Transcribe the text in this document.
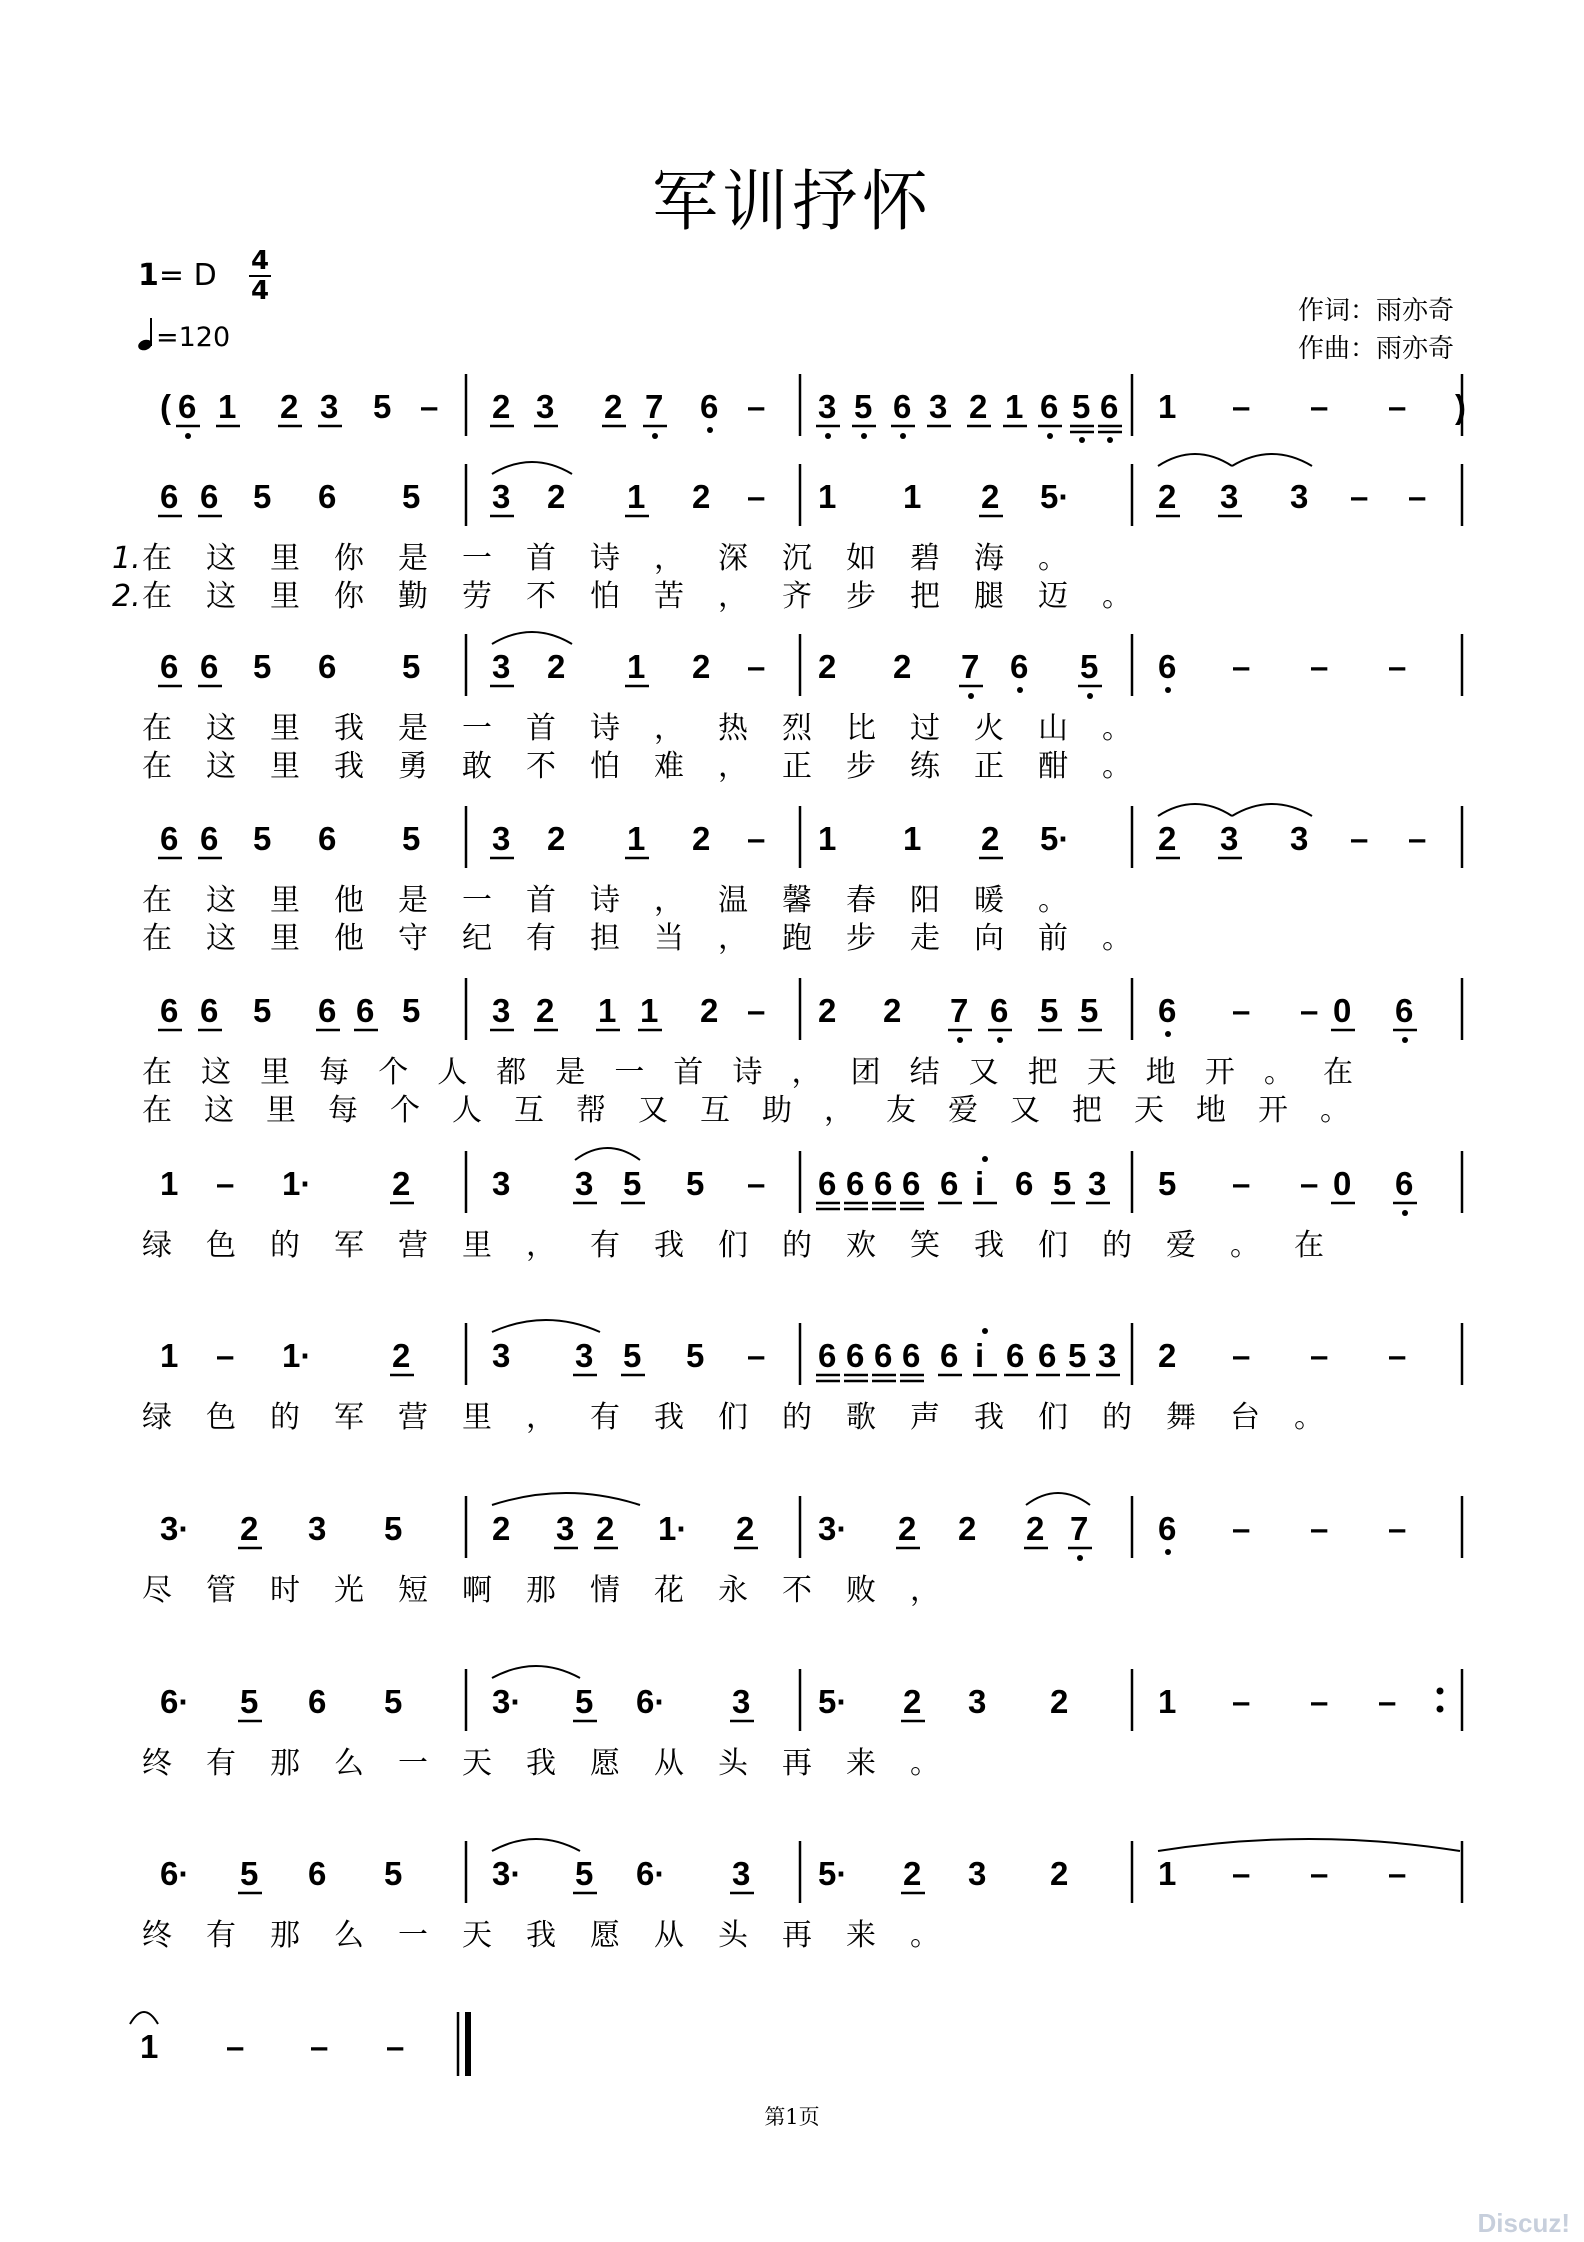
军训抒怀
1= D 4
4
=120
作词：雨亦奇
作曲：雨亦奇
( 6 1 2 3 5 – 2 3 2 7 6 – 3 5 6 3 2 1 6 5 6 1 – – – )
6 6 5 6 5 3 2 1 2 – 1 1 2 5·	2 3 3 – –
1. 在 这 里 你 是 一 首 诗 ， 深 沉 如 碧 海 。
2. 在 这 里 你 勤 劳 不 怕 苦 ， 齐 步 把 腿 迈 。
6 6 5 6 5 3 2 1 2 – 2 2 7 6 5 6 – – –
在 这 里 我 是 一 首 诗 ， 热 烈 比 过 火 山 。
在 这 里 我 勇 敢 不 怕 难 ， 正 步 练 正 酣 。
6 6 5 6 5 3 2 1 2 – 1 1 2 5·	2 3 3 – –
在 这 里 他 是 一 首 诗 ， 温 馨 春 阳 暖 。
在 这 里 他 守 纪 有 担 当 ， 跑 步 走 向 前 。
6 6 5 6 6 5 3 2 1 1 2 – 2 2 7 6 5 5 6 – – 0 6
在 这 里 每 个 人 都 是 一 首 诗 ， 团 结 又 把 天 地 开 。 在
在 这 里 每 个 人 互 帮 又 互 助 ， 友 爱 又 把 天 地 开 。
1 – 1· 2 3 3 5 5 – 6 6 6 6 6 i 6 5 3 5 – – 0 6
绿 色 的 军 营 里 ， 有 我 们 的 欢 笑 我 们 的 爱 。 在
1 – 1· 2 3 3 5 5 – 6 6 6 6 6 i 6 6 5 3 2 – – –
绿 色 的 军 营 里 ， 有 我 们 的 歌 声 我 们 的 舞 台 。
3· 2 3 5	2 3 2 1· 2 3· 2 2 2 7 6 – – –
尽 管 时 光 短 啊 那 情 花 永 不 败 ，
6· 5 6 5	3· 5 6· 3 5· 2 3 2	1 – – –
终 有 那 么 一 天 我 愿 从 头 再 来 。
6· 5 6 5	3· 5 6· 3 5· 2 3 2	1 – – –
终 有 那 么 一 天 我 愿 从 头 再 来 。
1 – – –
第1页
Discuz!
